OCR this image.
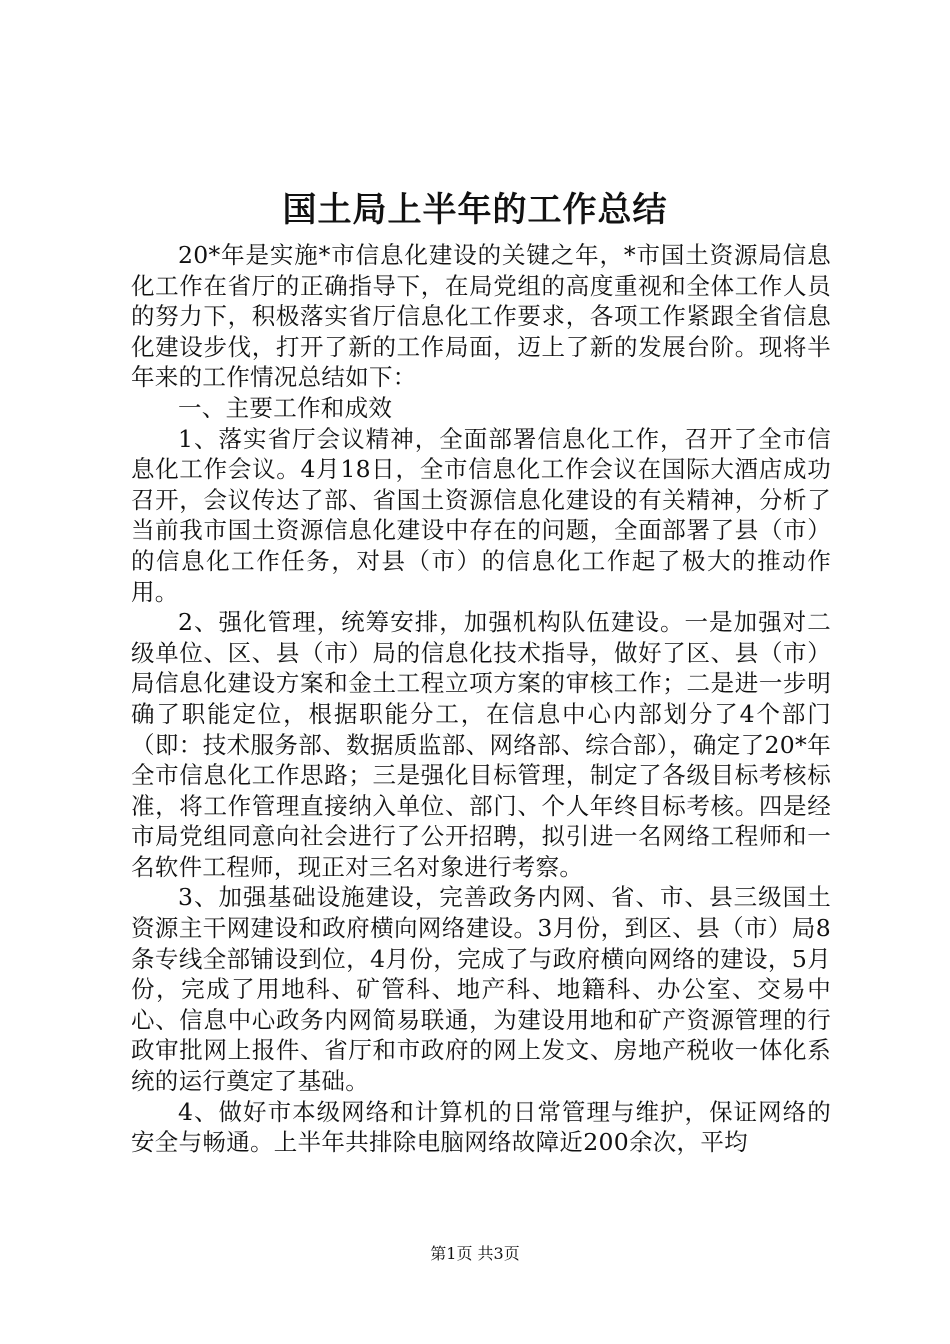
国土局上半年的工作总结

20*年是实施*市信息化建设的关键之年，*市国土资源局信息化工作在省厅的正确指导下，在局党组的高度重视和全体工作人员的努力下，积极落实省厅信息化工作要求，各项工作紧跟全省信息化建设步伐，打开了新的工作局面，迈上了新的发展台阶。现将半年来的工作情况总结如下：

一、主要工作和成效

1、落实省厅会议精神，全面部署信息化工作，召开了全市信息化工作会议。4月18日，全市信息化工作会议在国际大酒店成功召开，会议传达了部、省国土资源信息化建设的有关精神，分析了当前我市国土资源信息化建设中存在的问题，全面部署了县（市）的信息化工作任务，对县（市）的信息化工作起了极大的推动作用。

2、强化管理，统筹安排，加强机构队伍建设。一是加强对二级单位、区、县（市）局的信息化技术指导，做好了区、县（市）局信息化建设方案和金土工程立项方案的审核工作；二是进一步明确了职能定位，根据职能分工，在信息中心内部划分了4个部门（即：技术服务部、数据质监部、网络部、综合部），确定了20*年全市信息化工作思路；三是强化目标管理，制定了各级目标考核标准，将工作管理直接纳入单位、部门、个人年终目标考核。四是经市局党组同意向社会进行了公开招聘，拟引进一名网络工程师和一名软件工程师，现正对三名对象进行考察。

3、加强基础设施建设，完善政务内网、省、市、县三级国土资源主干网建设和政府横向网络建设。3月份，到区、县（市）局8条专线全部铺设到位，4月份，完成了与政府横向网络的建设，5月份，完成了用地科、矿管科、地产科、地籍科、办公室、交易中心、信息中心政务内网简易联通，为建设用地和矿产资源管理的行政审批网上报件、省厅和市政府的网上发文、房地产税收一体化系统的运行奠定了基础。

4、做好市本级网络和计算机的日常管理与维护，保证网络的安全与畅通。上半年共排除电脑网络故障近200余次，平均

第1页 共3页
